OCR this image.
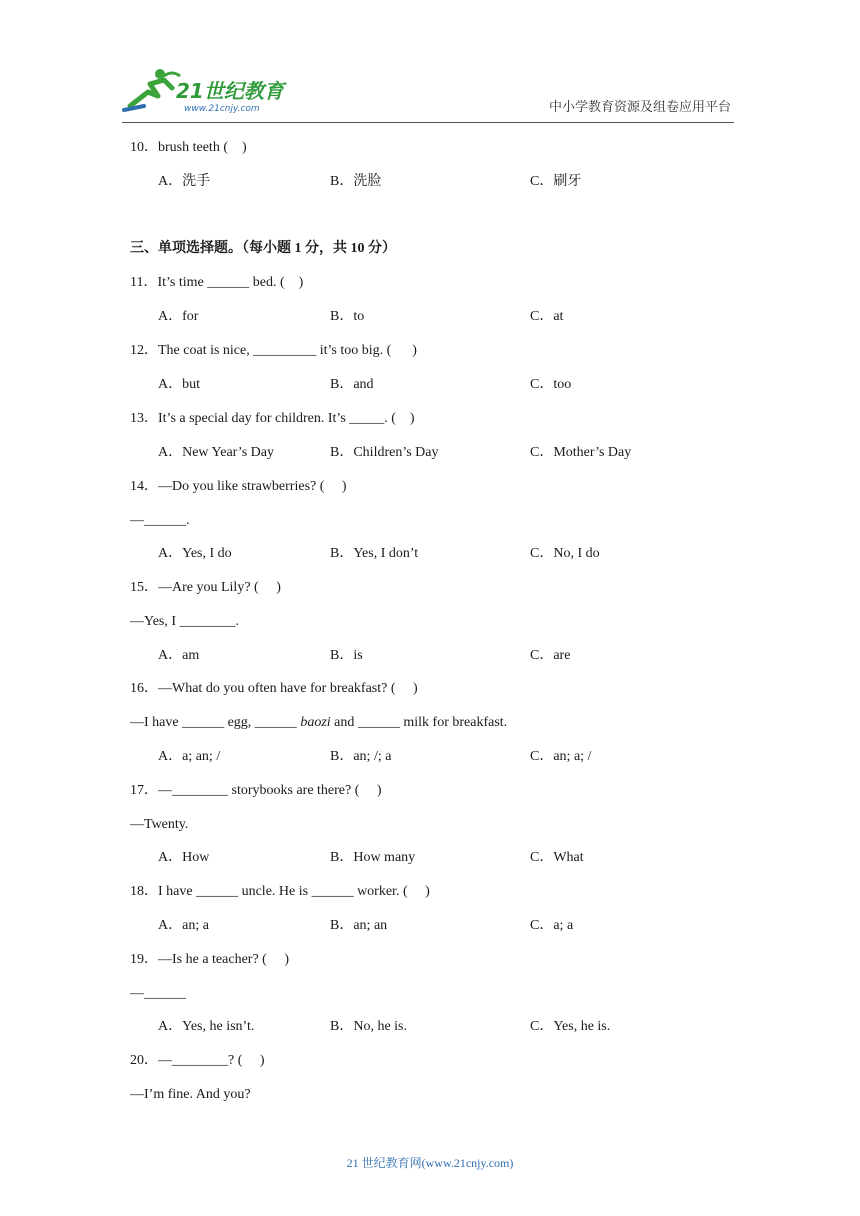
21世纪教育
www.21cnjy.com	中小学教育资源及组卷应用平台
10．brush teeth (    )
A．洗手	B．洗脸	C．刷牙
三、单项选择题。（每小题 1 分，共 10 分）
11．It’s time ______ bed. (    )
A．for	B．to	C．at
12．The coat is nice, _________ it’s too big. (      )
A．but	B．and	C．too
13．It’s a special day for children. It’s _____. (    )
A．New Year’s Day	B．Children’s Day	C．Mother’s Day
14．—Do you like strawberries? (     )
—______.
A．Yes, I do	B．Yes, I don’t	C．No, I do
15．—Are you Lily? (     )
—Yes, I ________.
A．am	B．is	C．are
16．—What do you often have for breakfast? (     )
—I have ______ egg, ______ baozi and ______ milk for breakfast.
A．a; an; /	B．an; /; a	C．an; a; /
17．—________ storybooks are there? (     )
—Twenty.
A．How	B．How many	C．What
18．I have ______ uncle. He is ______ worker. (     )
A．an; a	B．an; an	C．a; a
19．—Is he a teacher? (     )
—______
A．Yes, he isn’t.	B．No, he is.	C．Yes, he is.
20．—________? (     )
—I’m fine. And you?
21 世纪教育网(www.21cnjy.com)
